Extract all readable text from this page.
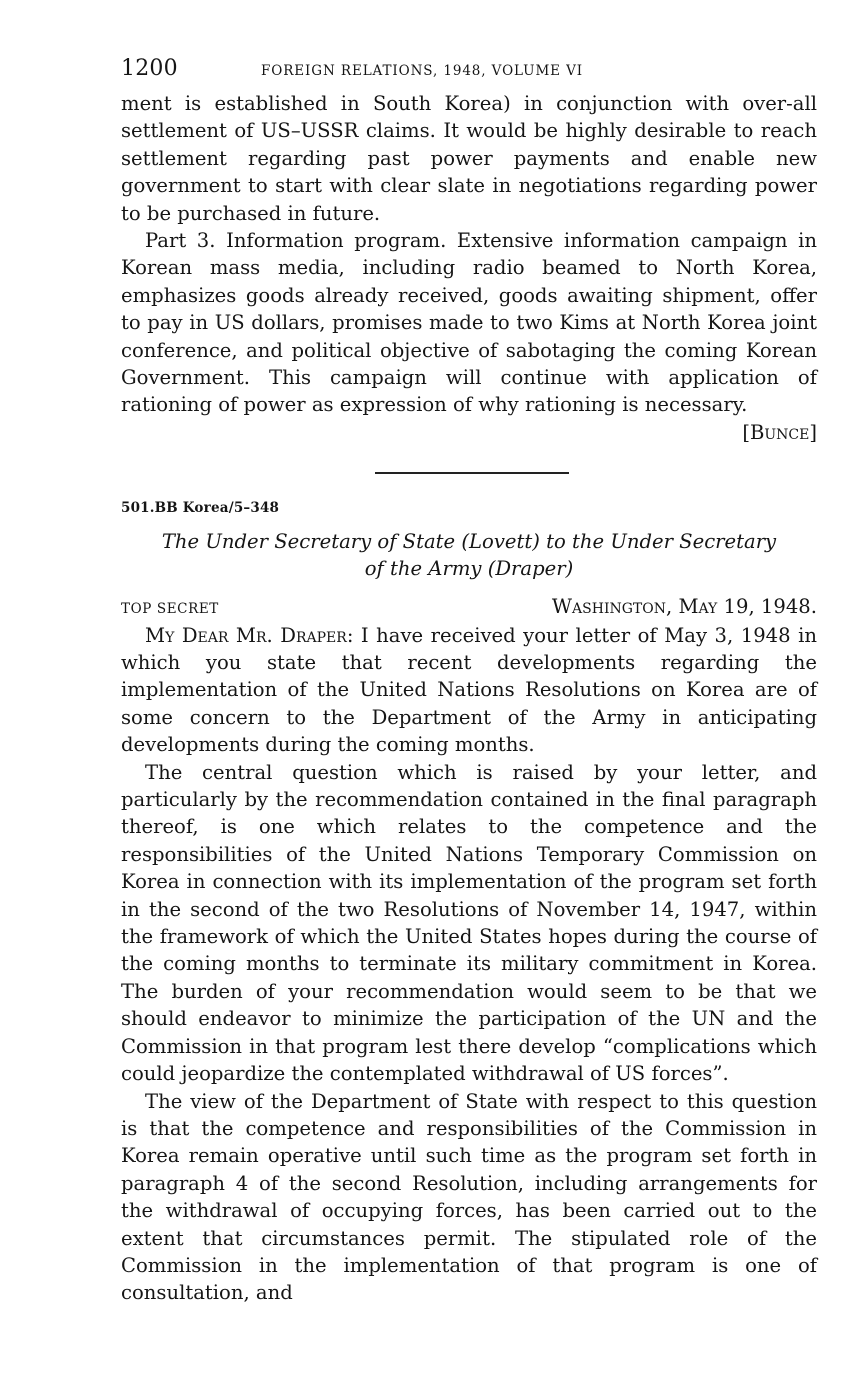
1200	FOREIGN RELATIONS, 1948, VOLUME VI

ment is established in South Korea) in conjunction with over-all settlement of US–USSR claims. It would be highly desirable to reach settlement regarding past power payments and enable new government to start with clear slate in negotiations regarding power to be purchased in future.

Part 3. Information program. Extensive information campaign in Korean mass media, including radio beamed to North Korea, emphasizes goods already received, goods awaiting shipment, offer to pay in US dollars, promises made to two Kims at North Korea joint conference, and political objective of sabotaging the coming Korean Government. This campaign will continue with application of rationing of power as expression of why rationing is necessary.

[Bunce]
501.BB Korea/5–348
The Under Secretary of State (Lovett) to the Under Secretary
of the Army (Draper)
TOP SECRET	Washington, May 19, 1948.

My Dear Mr. Draper: I have received your letter of May 3, 1948 in which you state that recent developments regarding the implementation of the United Nations Resolutions on Korea are of some concern to the Department of the Army in anticipating developments during the coming months.

The central question which is raised by your letter, and particularly by the recommendation contained in the final paragraph thereof, is one which relates to the competence and the responsibilities of the United Nations Temporary Commission on Korea in connection with its implementation of the program set forth in the second of the two Resolutions of November 14, 1947, within the framework of which the United States hopes during the course of the coming months to terminate its military commitment in Korea. The burden of your recommendation would seem to be that we should endeavor to minimize the participation of the UN and the Commission in that program lest there develop “complications which could jeopardize the contemplated withdrawal of US forces”.

The view of the Department of State with respect to this question is that the competence and responsibilities of the Commission in Korea remain operative until such time as the program set forth in paragraph 4 of the second Resolution, including arrangements for the withdrawal of occupying forces, has been carried out to the extent that circumstances permit. The stipulated role of the Commission in the implementation of that program is one of consultation, and
